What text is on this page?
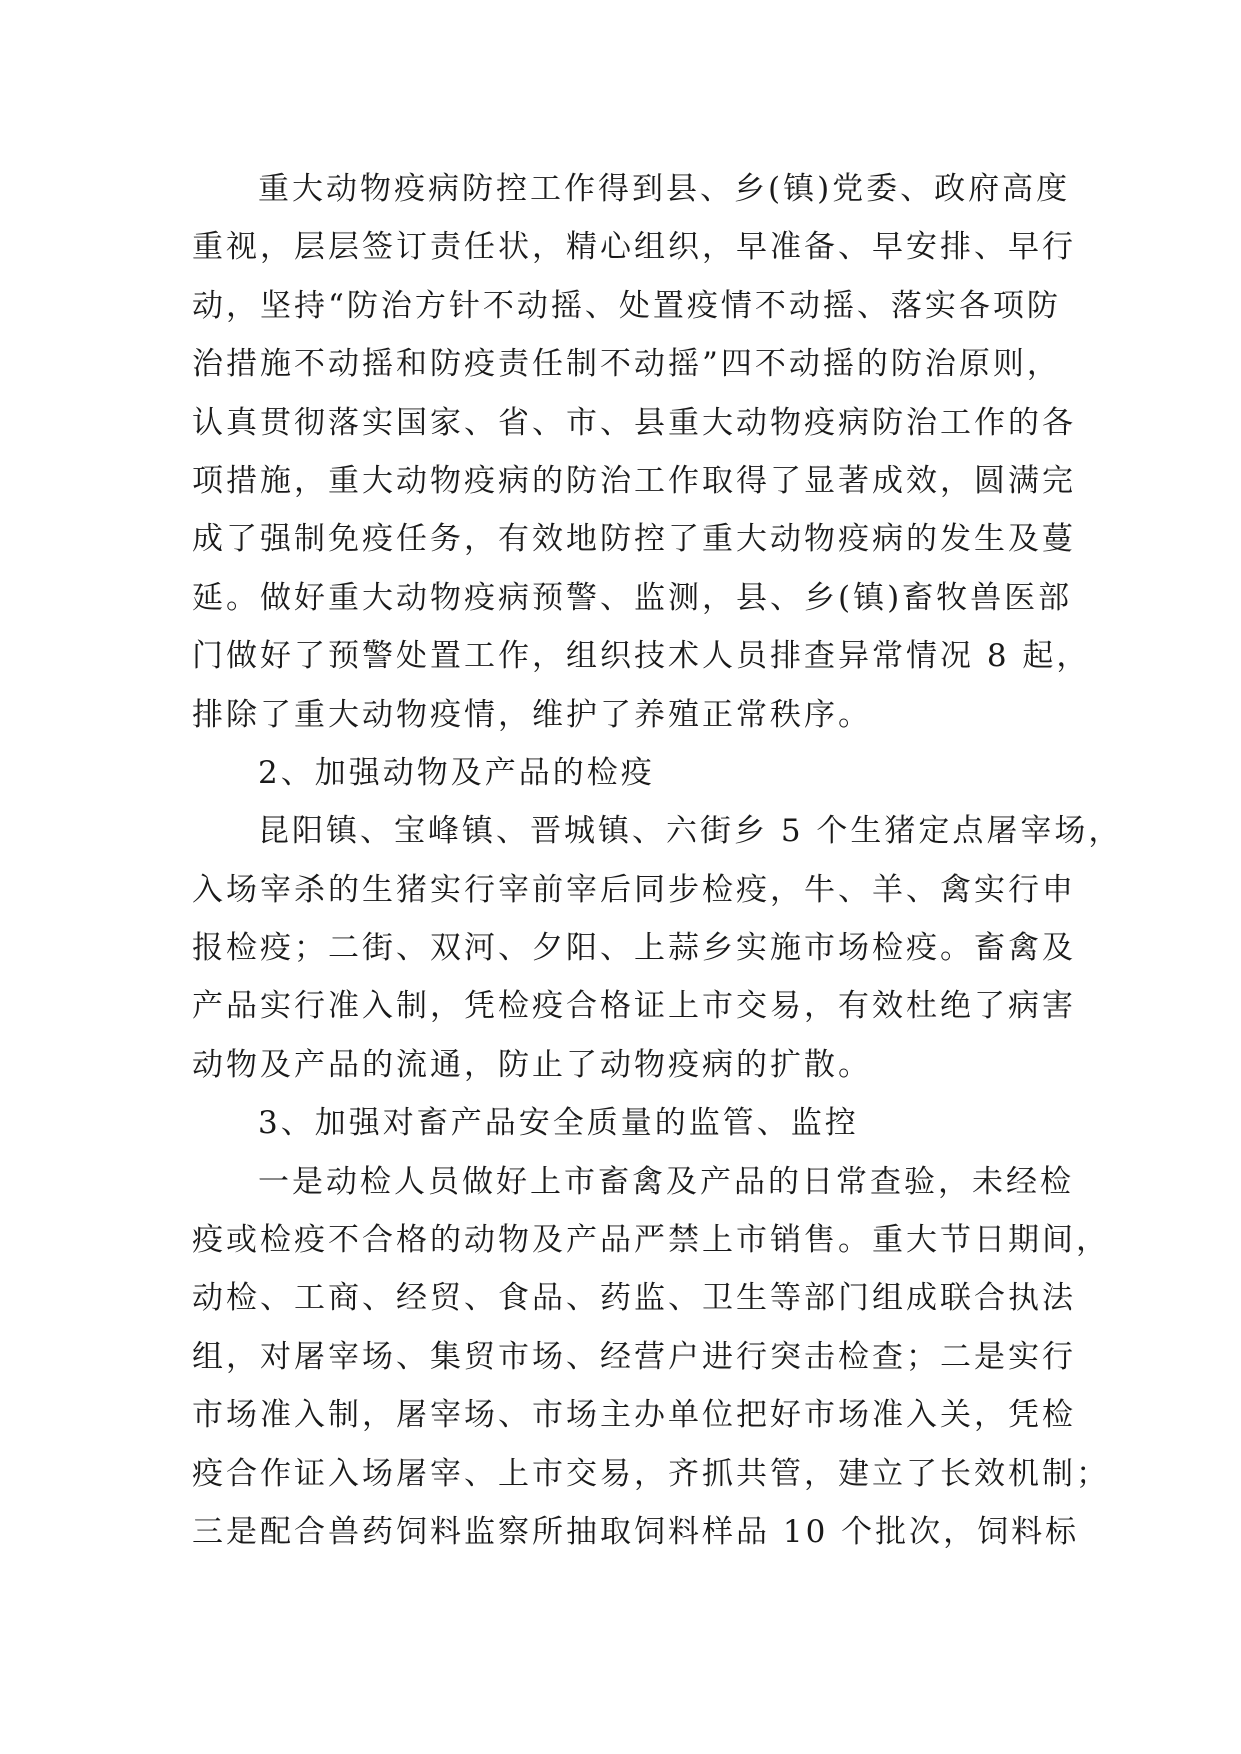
重大动物疫病防控工作得到县、乡(镇)党委、政府高度
重视，层层签订责任状，精心组织，早准备、早安排、早行
动，坚持“防治方针不动摇、处置疫情不动摇、落实各项防
治措施不动摇和防疫责任制不动摇”四不动摇的防治原则，
认真贯彻落实国家、省、市、县重大动物疫病防治工作的各
项措施，重大动物疫病的防治工作取得了显著成效，圆满完
成了强制免疫任务，有效地防控了重大动物疫病的发生及蔓
延。做好重大动物疫病预警、监测，县、乡(镇)畜牧兽医部
门做好了预警处置工作，组织技术人员排查异常情况 8 起，
排除了重大动物疫情，维护了养殖正常秩序。
2、加强动物及产品的检疫
昆阳镇、宝峰镇、晋城镇、六街乡 5 个生猪定点屠宰场，
入场宰杀的生猪实行宰前宰后同步检疫，牛、羊、禽实行申
报检疫；二街、双河、夕阳、上蒜乡实施市场检疫。畜禽及
产品实行准入制，凭检疫合格证上市交易，有效杜绝了病害
动物及产品的流通，防止了动物疫病的扩散。
3、加强对畜产品安全质量的监管、监控
一是动检人员做好上市畜禽及产品的日常查验，未经检
疫或检疫不合格的动物及产品严禁上市销售。重大节日期间，
动检、工商、经贸、食品、药监、卫生等部门组成联合执法
组，对屠宰场、集贸市场、经营户进行突击检查；二是实行
市场准入制，屠宰场、市场主办单位把好市场准入关，凭检
疫合作证入场屠宰、上市交易，齐抓共管，建立了长效机制；
三是配合兽药饲料监察所抽取饲料样品 10 个批次，饲料标
